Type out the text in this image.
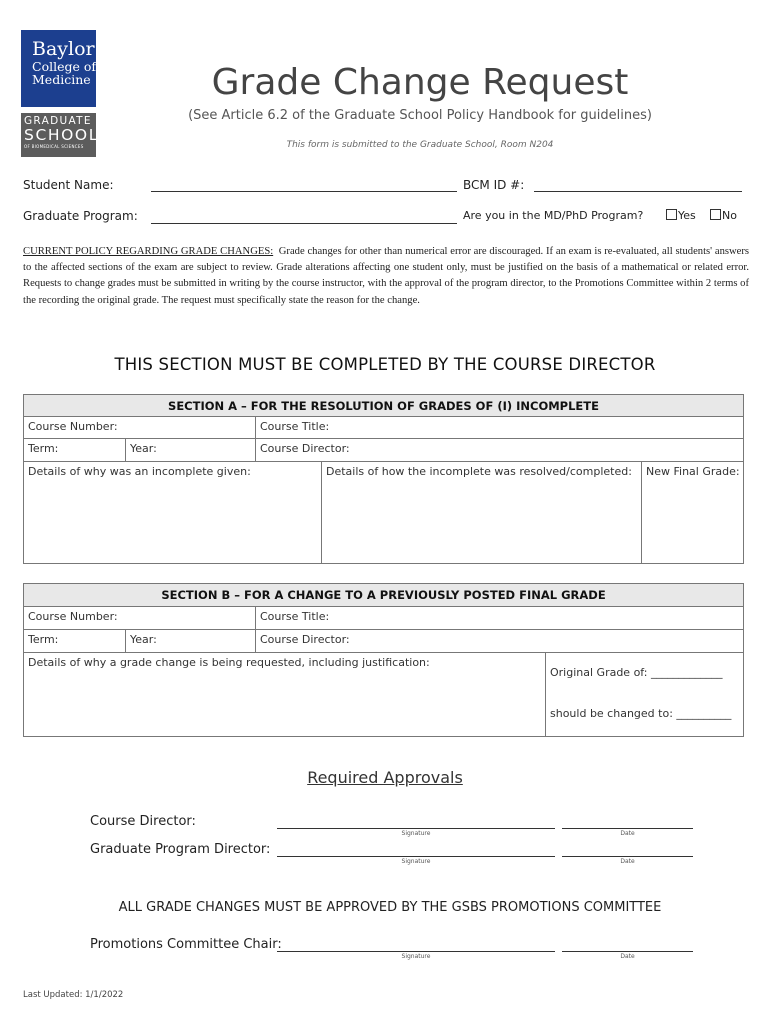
Baylor
College of
Medicine
GRADUATE
SCHOOL
OF BIOMEDICAL SCIENCES
Grade Change Request
(See Article 6.2 of the Graduate School Policy Handbook for guidelines)
This form is submitted to the Graduate School, Room N204
Student Name:	BCM ID #:
Graduate Program:	Are you in the MD/PhD Program?	Yes	No
CURRENT POLICY REGARDING GRADE CHANGES: Grade changes for other than numerical error are discouraged. If an exam is re-evaluated, all students' answers to the affected sections of the exam are subject to review. Grade alterations affecting one student only, must be justified on the basis of a mathematical or related error. Requests to change grades must be submitted in writing by the course instructor, with the approval of the program director, to the Promotions Committee within 2 terms of the recording the original grade. The request must specifically state the reason for the change.
THIS SECTION MUST BE COMPLETED BY THE COURSE DIRECTOR
SECTION A – FOR THE RESOLUTION OF GRADES OF (I) INCOMPLETE				
Course Number:		Course Title:		
Term:	Year:	Course Director:		
Details of why was an incomplete given:			Details of how the incomplete was resolved/completed:	New Final Grade:
SECTION B – FOR A CHANGE TO A PREVIOUSLY POSTED FINAL GRADE			
Course Number:		Course Title:	
Term:	Year:	Course Director:	
Details of why a grade change is being requested, including justification:			Original Grade of: _____________
should be changed to: __________
Required Approvals
Course Director:
Signature	Date
Graduate Program Director:
Signature	Date
ALL GRADE CHANGES MUST BE APPROVED BY THE GSBS PROMOTIONS COMMITTEE
Promotions Committee Chair:
Signature	Date
Last Updated: 1/1/2022
